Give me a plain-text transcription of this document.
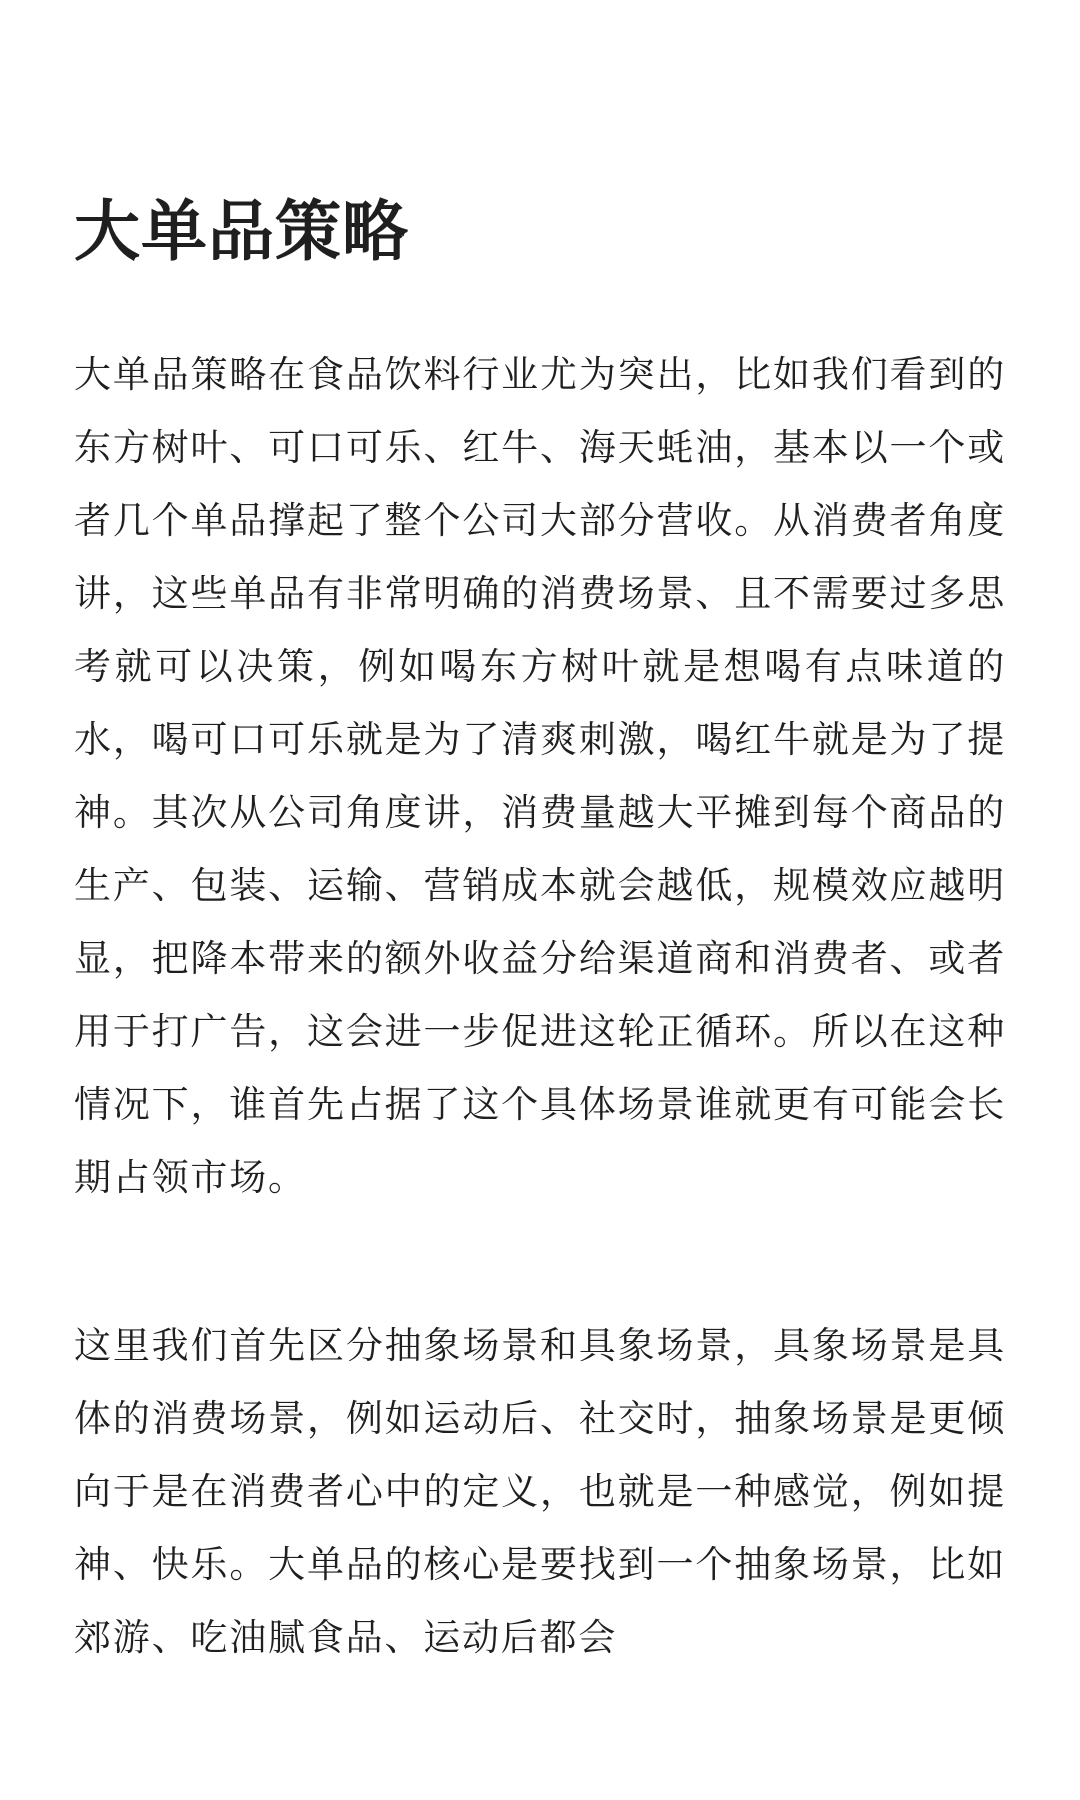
大单品策略

大单品策略在食品饮料行业尤为突出，比如我们看到的东方树叶、可口可乐、红牛、海天蚝油，基本以一个或者几个单品撑起了整个公司大部分营收。从消费者角度讲，这些单品有非常明确的消费场景、且不需要过多思考就可以决策，例如喝东方树叶就是想喝有点味道的水，喝可口可乐就是为了清爽刺激，喝红牛就是为了提神。其次从公司角度讲，消费量越大平摊到每个商品的生产、包装、运输、营销成本就会越低，规模效应越明显，把降本带来的额外收益分给渠道商和消费者、或者用于打广告，这会进一步促进这轮正循环。所以在这种情况下，谁首先占据了这个具体场景谁就更有可能会长期占领市场。

这里我们首先区分抽象场景和具象场景，具象场景是具体的消费场景，例如运动后、社交时，抽象场景是更倾向于是在消费者心中的定义，也就是一种感觉，例如提神、快乐。大单品的核心是要找到一个抽象场景，比如郊游、吃油腻食品、运动后都会
